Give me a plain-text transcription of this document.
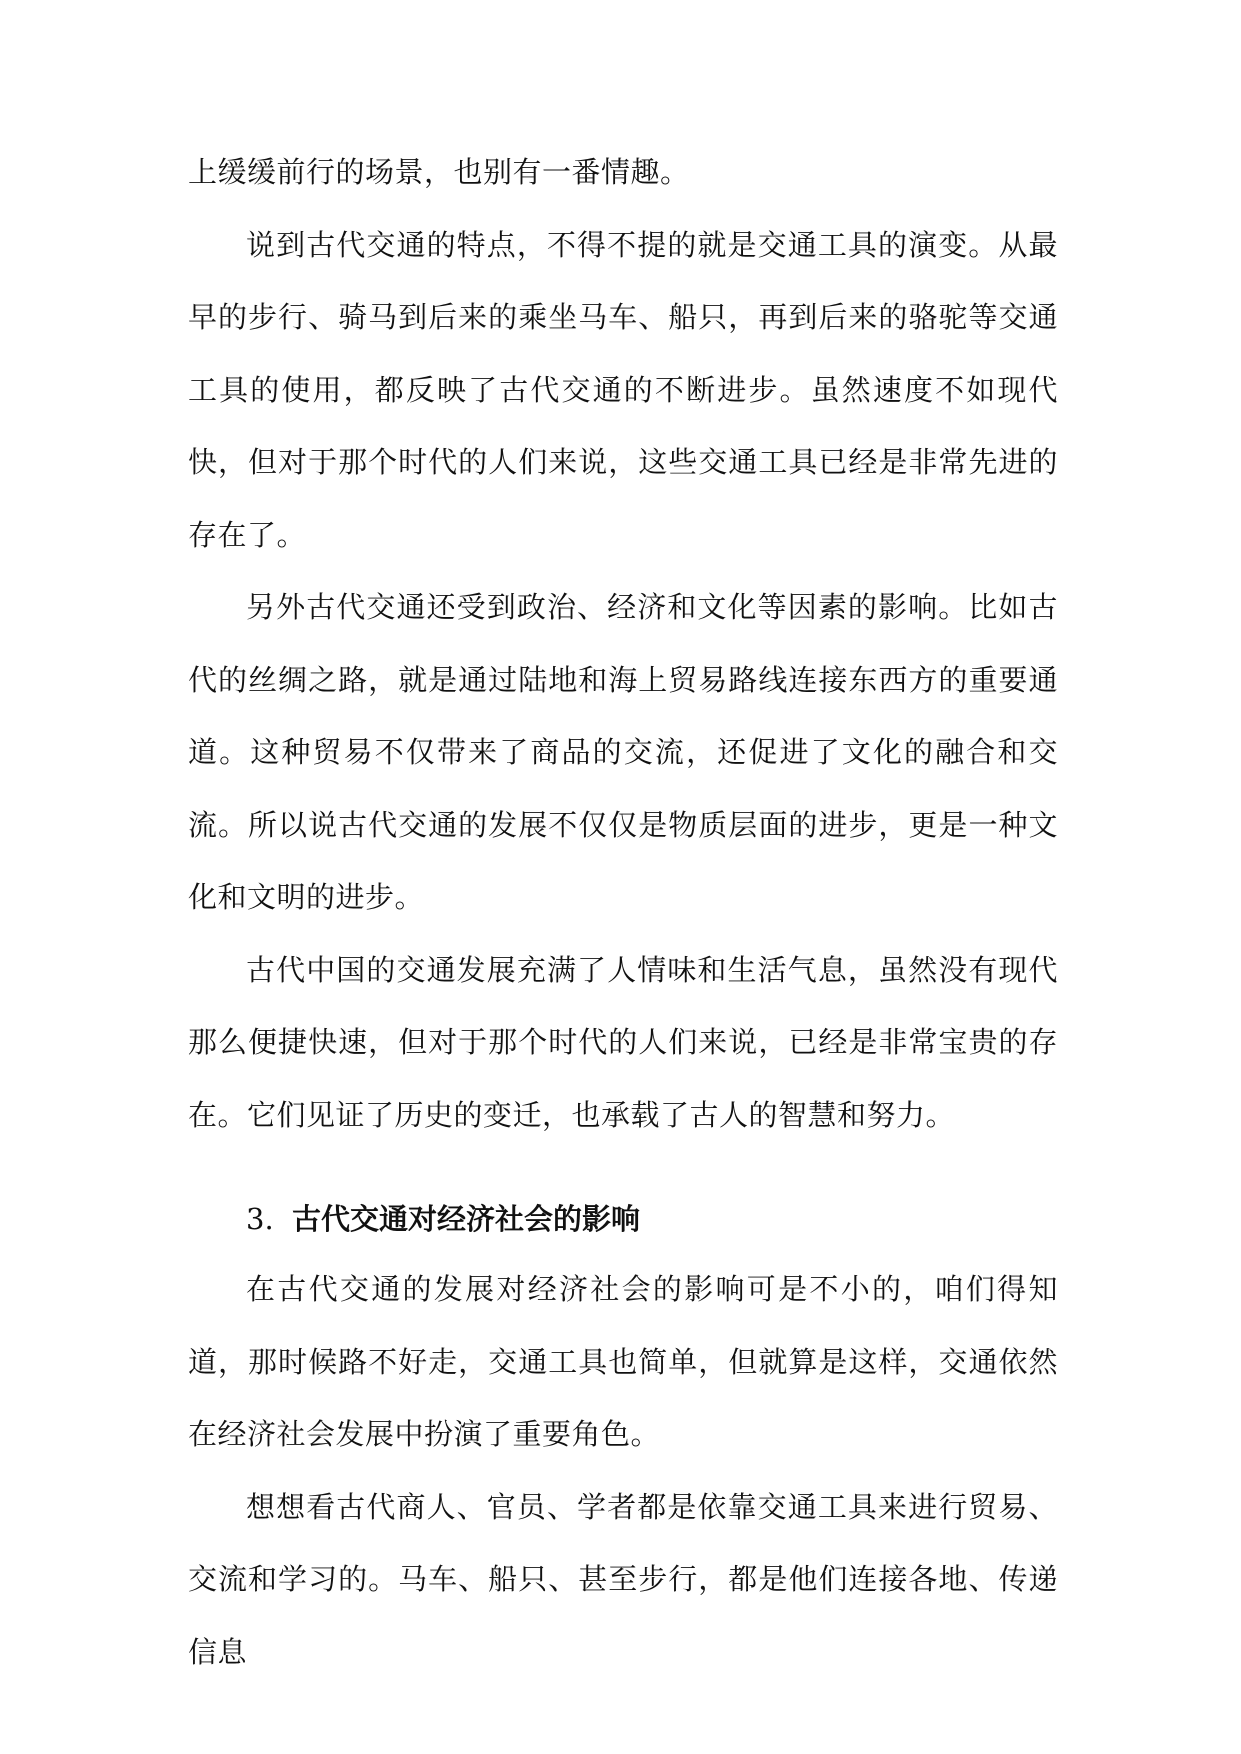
上缓缓前行的场景，也别有一番情趣。

说到古代交通的特点，不得不提的就是交通工具的演变。从最早的步行、骑马到后来的乘坐马车、船只，再到后来的骆驼等交通工具的使用，都反映了古代交通的不断进步。虽然速度不如现代快，但对于那个时代的人们来说，这些交通工具已经是非常先进的存在了。

另外古代交通还受到政治、经济和文化等因素的影响。比如古代的丝绸之路，就是通过陆地和海上贸易路线连接东西方的重要通道。这种贸易不仅带来了商品的交流，还促进了文化的融合和交流。所以说古代交通的发展不仅仅是物质层面的进步，更是一种文化和文明的进步。

古代中国的交通发展充满了人情味和生活气息，虽然没有现代那么便捷快速，但对于那个时代的人们来说，已经是非常宝贵的存在。它们见证了历史的变迁，也承载了古人的智慧和努力。

3. 古代交通对经济社会的影响

在古代交通的发展对经济社会的影响可是不小的，咱们得知道，那时候路不好走，交通工具也简单，但就算是这样，交通依然在经济社会发展中扮演了重要角色。

想想看古代商人、官员、学者都是依靠交通工具来进行贸易、交流和学习的。马车、船只、甚至步行，都是他们连接各地、传递信息
